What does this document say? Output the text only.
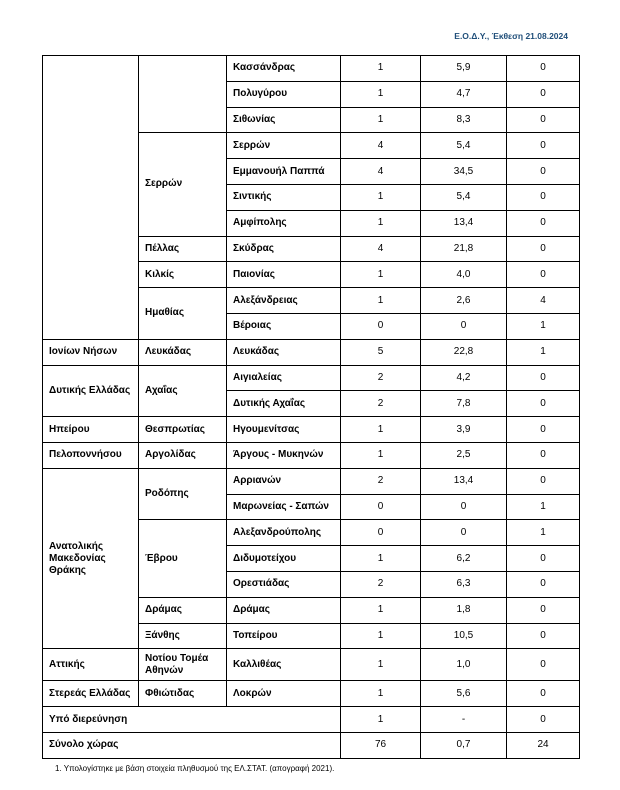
Ε.Ο.Δ.Υ., Έκθεση 21.08.2024
		Κασσάνδρας	1	5,9	0
		Πολυγύρου	1	4,7	0
		Σιθωνίας	1	8,3	0
	Σερρών	Σερρών	4	5,4	0
		Εμμανουήλ Παππά	4	34,5	0
		Σιντικής	1	5,4	0
		Αμφίπολης	1	13,4	0
	Πέλλας	Σκύδρας	4	21,8	0
	Κιλκίς	Παιονίας	1	4,0	0
	Ημαθίας	Αλεξάνδρειας	1	2,6	4
		Βέροιας	0	0	1
Ιονίων Νήσων	Λευκάδας	Λευκάδας	5	22,8	1
Δυτικής Ελλάδας	Αχαΐας	Αιγιαλείας	2	4,2	0
		Δυτικής Αχαΐας	2	7,8	0
Ηπείρου	Θεσπρωτίας	Ηγουμενίτσας	1	3,9	0
Πελοποννήσου	Αργολίδας	Άργους - Μυκηνών	1	2,5	0
Ανατολικής Μακεδονίας Θράκης	Ροδόπης	Αρριανών	2	13,4	0
		Μαρωνείας - Σαπών	0	0	1
	Έβρου	Αλεξανδρούπολης	0	0	1
		Διδυμοτείχου	1	6,2	0
		Ορεστιάδας	2	6,3	0
	Δράμας	Δράμας	1	1,8	0
	Ξάνθης	Τοπείρου	1	10,5	0
Αττικής	Νοτίου Τομέα Αθηνών	Καλλιθέας	1	1,0	0
Στερεάς Ελλάδας	Φθιώτιδας	Λοκρών	1	5,6	0
Υπό διερεύνηση			1	-	0
Σύνολο χώρας			76	0,7	24
1. Υπολογίστηκε με βάση στοιχεία πληθυσμού της ΕΛ.ΣΤΑΤ. (απογραφή 2021).
